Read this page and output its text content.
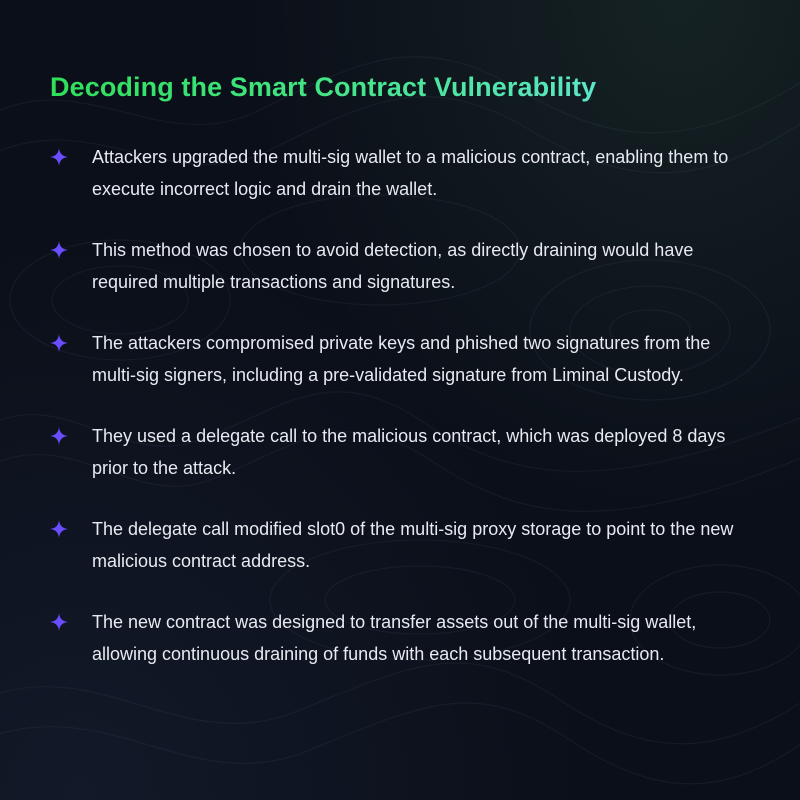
Decoding the Smart Contract Vulnerability
Attackers upgraded the multi-sig wallet to a malicious contract, enabling them to execute incorrect logic and drain the wallet.
This method was chosen to avoid detection, as directly draining would have required multiple transactions and signatures.
The attackers compromised private keys and phished two signatures from the multi-sig signers, including a pre-validated signature from Liminal Custody.
They used a delegate call to the malicious contract, which was deployed 8 days prior to the attack.
The delegate call modified slot0 of the multi-sig proxy storage to point to the new malicious contract address.
The new contract was designed to transfer assets out of the multi-sig wallet, allowing continuous draining of funds with each subsequent transaction.
